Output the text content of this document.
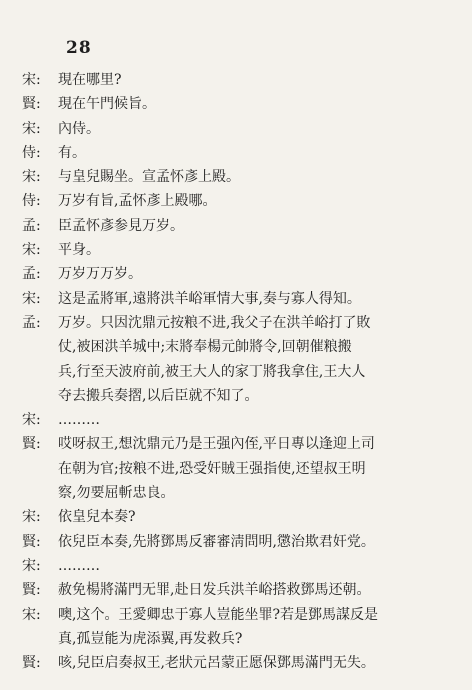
28
宋:	現在哪里?
賢:	現在午門候旨。
宋:	內侍。
侍:	有。
宋:	与皇兒賜坐。宣孟怀彥上殿。
侍:	万岁有旨,孟怀彥上殿哪。
孟:	臣孟怀彥参見万岁。
宋:	平身。
孟:	万岁万万岁。
宋:	这是孟將軍,遠將洪羊峪軍情大事,奏与寡人得知。
孟:	万岁。只因沈鼎元按粮不进,我父子在洪羊峪打了敗
仗,被困洪羊城中;末將奉楊元帥將令,回朝催粮搬
兵,行至天波府前,被王大人的家丁將我拿住,王大人
夺去搬兵奏摺,以后臣就不知了。
宋:	………
賢:	哎呀叔王,想沈鼎元乃是王强內侄,平日專以逢迎上司
在朝为官;按粮不进,恐受奸賊王强指使,还望叔王明
察,勿要屈斬忠良。
宋:	依皇兒本奏?
賢:	依兒臣本奏,先將鄧馬反審審淸問明,懲治欺君奸党。
宋:	………
賢:	赦免楊將滿門无罪,赴日发兵洪羊峪搭救鄧馬还朝。
宋:	噢,这个。王愛卿忠于寡人豈能坐罪?若是鄧馬謀反是
真,孤豈能为虎添翼,再发救兵?
賢:	咳,兒臣启奏叔王,老狀元呂蒙正愿保鄧馬滿門无失。
